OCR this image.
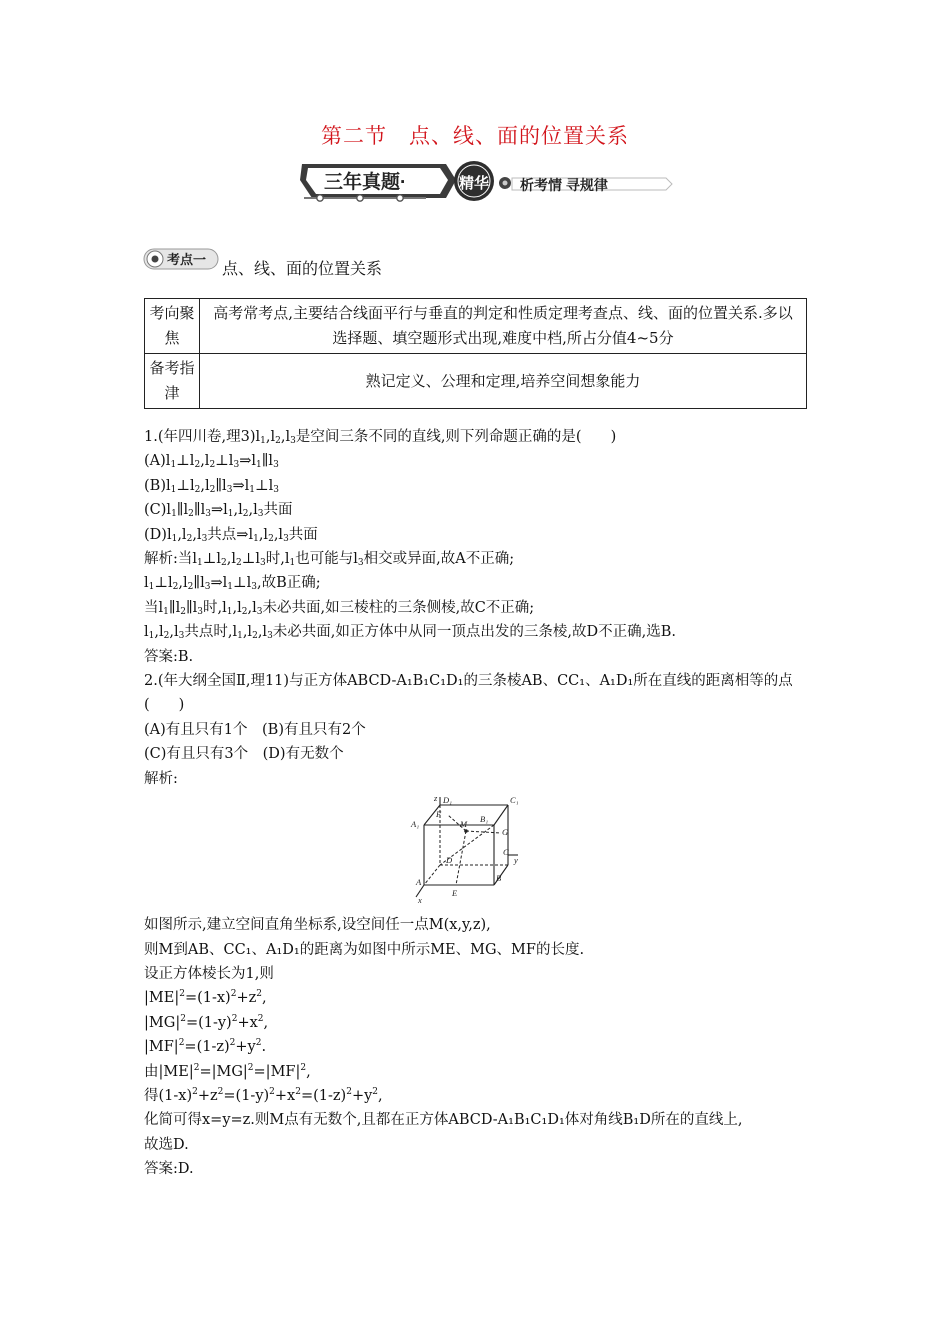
第二节 点、线、面的位置关系
三年真题·	精华 析考情 寻规律
考点一 点、线、面的位置关系
考向聚焦	高考常考点,主要结合线面平行与垂直的判定和性质定理考查点、线、面的位置关系.多以选择题、填空题形式出现,难度中档,所占分值4~5分
备考指津	熟记定义、公理和定理,培养空间想象能力

1.(年四川卷,理$3)l_1,l_2,l_3$是空间三条不同的直线,则下列命题正确的是(　　)

$(A)l_1\perp l_2,l_2\perp l_3\Rightarrow l_1\parallel l_3$

$(B)l_1\perp l_2,l_2\parallel l_3\Rightarrow l_1\perp l_3$

$(C)l_1\parallel l_2\parallel l_3\Rightarrow l_1,l_2,l_3$共面

$(D)l_1,l_2,l_3$共点$\Rightarrow l_1,l_2,l_3$共面

解析:当$l_1\perp l_2,l_2\perp l_3$时$,l_1$也可能与$l_3$相交或异面,故A不正确;

$l_1\perp l_2,l_2\parallel l_3\Rightarrow l_1\perp l_3$,故B正确;

当$l_1\parallel l_2\parallel l_3$时$,l_1,l_2,l_3$未必共面,如三棱柱的三条侧棱,故C不正确;

$l_1,l_2,l_3$共点时$,l_1,l_2,l_3$未必共面,如正方体中从同一顶点出发的三条棱,故D不正确,选B.

答案:B.

2.(年大纲全国Ⅱ,理11)与正方体ABCD-A₁B₁C₁D₁的三条棱AB、CC₁、A₁D₁所在直线的距离相等的点(　　)

(A)有且只有1个　(B)有且只有2个

(C)有且只有3个　(D)有无数个

解析:

z D₁	C₁
F
A₁	B₁
M
G
C
y
D
A	B
E
x

如图所示,建立空间直角坐标系,设空间任一点M(x,y,z),

则M到AB、CC₁、A₁D₁的距离为如图中所示ME、MG、MF的长度.

设正方体棱长为1,则

$|ME|^2=(1-x)^2+z^2$,

$|MG|^2=(1-y)^2+x^2$,

$|MF|^2=(1-z)^2+y^2$.

由$|ME|^2=|MG|^2=|MF|^2$,

得$(1-x)^2+z^2=(1-y)^2+x^2=(1-z)^2+y^2$,

化简可得x=y=z.则M点有无数个,且都在正方体ABCD-A₁B₁C₁D₁体对角线B₁D所在的直线上,

故选D.

答案:D.
